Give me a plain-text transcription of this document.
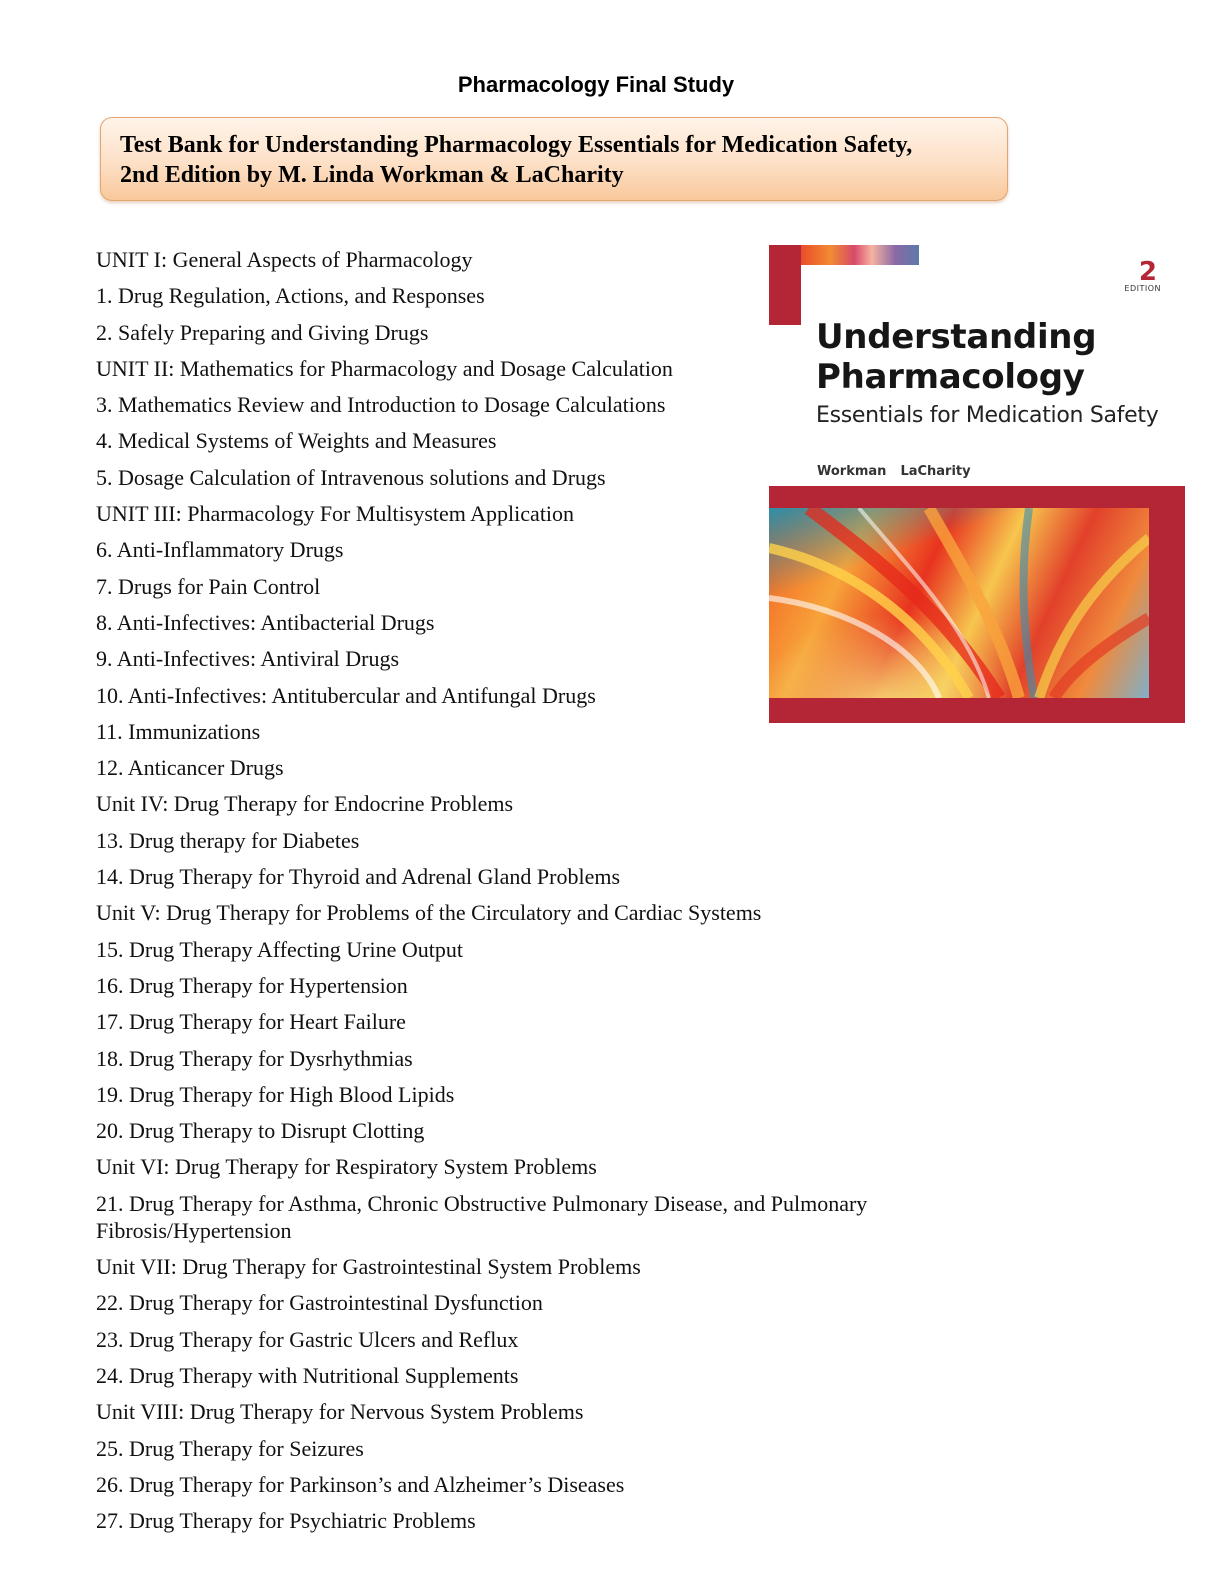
Pharmacology Final Study
Test Bank for Understanding Pharmacology Essentials for Medication Safety,
2nd Edition by M. Linda Workman & LaCharity
UNIT I: General Aspects of Pharmacology
1. Drug Regulation, Actions, and Responses
2. Safely Preparing and Giving Drugs
UNIT II: Mathematics for Pharmacology and Dosage Calculation
3. Mathematics Review and Introduction to Dosage Calculations
4. Medical Systems of Weights and Measures
5. Dosage Calculation of Intravenous solutions and Drugs
UNIT III: Pharmacology For Multisystem Application
6. Anti-Inflammatory Drugs
7. Drugs for Pain Control
8. Anti-Infectives: Antibacterial Drugs
9. Anti-Infectives: Antiviral Drugs
10. Anti-Infectives: Antitubercular and Antifungal Drugs
11. Immunizations
12. Anticancer Drugs
Unit IV: Drug Therapy for Endocrine Problems
13. Drug therapy for Diabetes
14. Drug Therapy for Thyroid and Adrenal Gland Problems
Unit V: Drug Therapy for Problems of the Circulatory and Cardiac Systems
15. Drug Therapy Affecting Urine Output
16. Drug Therapy for Hypertension
17. Drug Therapy for Heart Failure
18. Drug Therapy for Dysrhythmias
19. Drug Therapy for High Blood Lipids
20. Drug Therapy to Disrupt Clotting
Unit VI: Drug Therapy for Respiratory System Problems
21. Drug Therapy for Asthma, Chronic Obstructive Pulmonary Disease, and Pulmonary Fibrosis/Hypertension
Unit VII: Drug Therapy for Gastrointestinal System Problems
22. Drug Therapy for Gastrointestinal Dysfunction
23. Drug Therapy for Gastric Ulcers and Reflux
24. Drug Therapy with Nutritional Supplements
Unit VIII: Drug Therapy for Nervous System Problems
25. Drug Therapy for Seizures
26. Drug Therapy for Parkinson’s and Alzheimer’s Diseases
27. Drug Therapy for Psychiatric Problems
2
EDITION
Understanding
Pharmacology
Essentials for Medication Safety
Workman LaCharity
